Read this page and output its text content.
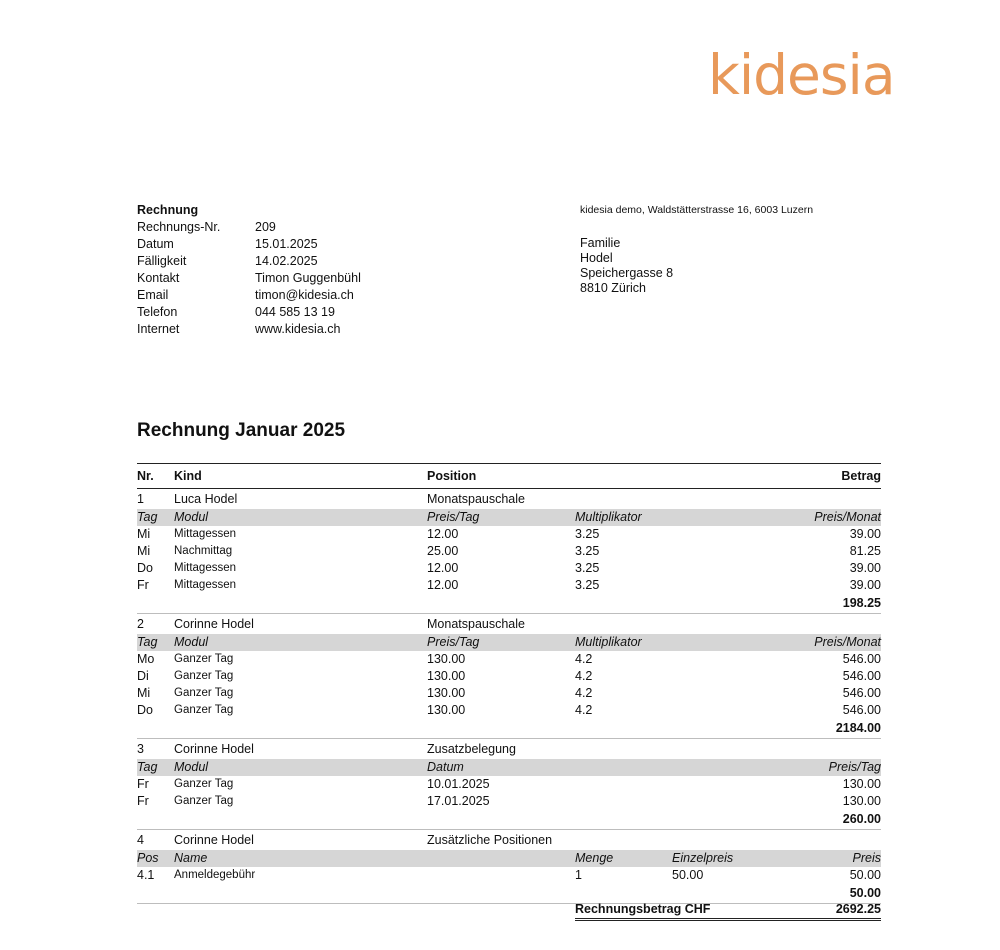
kidesia
Rechnung
Rechnungs-Nr.	209
Datum	15.01.2025
Fälligkeit	14.02.2025
Kontakt	Timon Guggenbühl
Email	timon@kidesia.ch
Telefon	044 585 13 19
Internet	www.kidesia.ch
kidesia demo, Waldstätterstrasse 16, 6003 Luzern
Familie
Hodel
Speichergasse 8
8810 Zürich
Rechnung Januar 2025
Nr. Kind	Position	Betrag
1 Luca Hodel	Monatspauschale
Tag Modul	Preis/Tag	Multiplikator	Preis/Monat
Mi Mittagessen	12.00	3.25	39.00
Mi Nachmittag	25.00	3.25	81.25
Do Mittagessen	12.00	3.25	39.00
Fr Mittagessen	12.00	3.25	39.00
198.25
2 Corinne Hodel	Monatspauschale
Tag Modul	Preis/Tag	Multiplikator	Preis/Monat
Mo Ganzer Tag	130.00	4.2	546.00
Di Ganzer Tag	130.00	4.2	546.00
Mi Ganzer Tag	130.00	4.2	546.00
Do Ganzer Tag	130.00	4.2	546.00
2184.00
3 Corinne Hodel	Zusatzbelegung
Tag Modul	Datum	Preis/Tag
Fr Ganzer Tag	10.01.2025	130.00
Fr Ganzer Tag	17.01.2025	130.00
260.00
4 Corinne Hodel	Zusätzliche Positionen
Pos Name	Menge	Einzelpreis	Preis
4.1 Anmeldegebühr	1	50.00	50.00
50.00
Rechnungsbetrag CHF	2692.25
